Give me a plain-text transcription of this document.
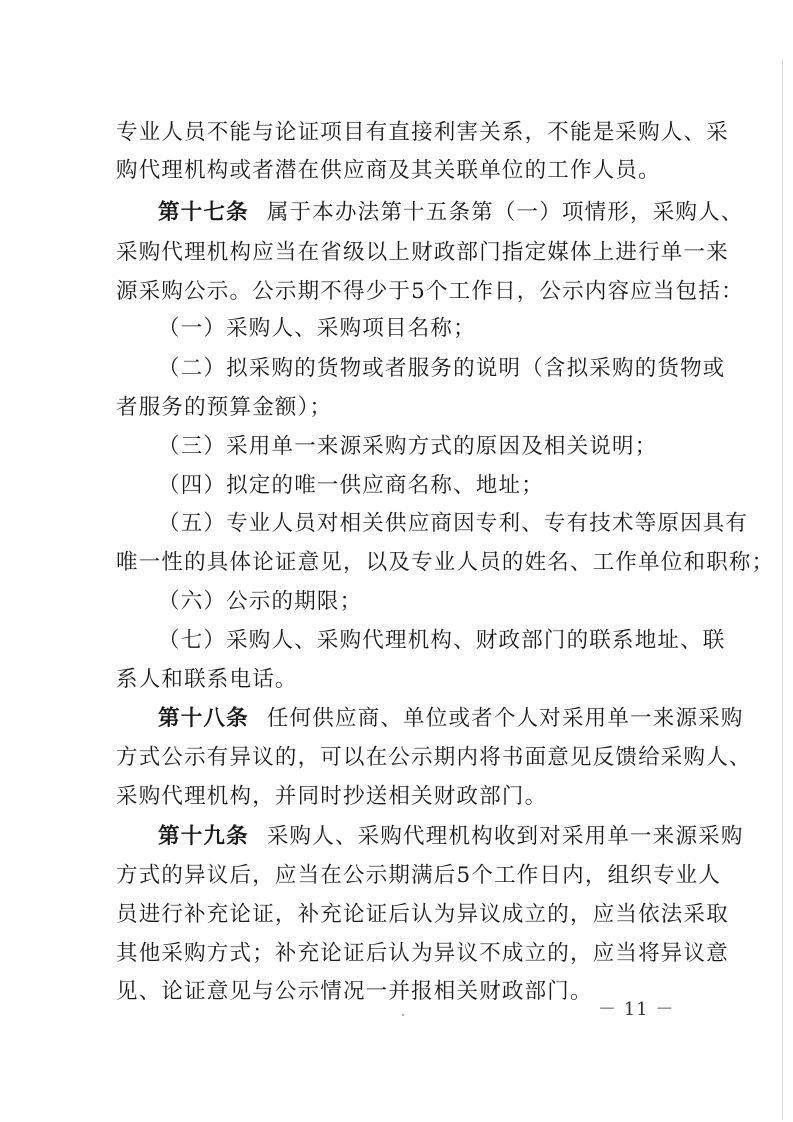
专业人员不能与论证项目有直接利害关系，不能是采购人、采
购代理机构或者潜在供应商及其关联单位的工作人员。
第十七条 属于本办法第十五条第（一）项情形，采购人、
采购代理机构应当在省级以上财政部门指定媒体上进行单一来
源采购公示。公示期不得少于5个工作日，公示内容应当包括：
（一）采购人、采购项目名称；
（二）拟采购的货物或者服务的说明（含拟采购的货物或
者服务的预算金额）；
（三）采用单一来源采购方式的原因及相关说明；
（四）拟定的唯一供应商名称、地址；
（五）专业人员对相关供应商因专利、专有技术等原因具有
唯一性的具体论证意见，以及专业人员的姓名、工作单位和职称；
（六）公示的期限；
（七）采购人、采购代理机构、财政部门的联系地址、联
系人和联系电话。
第十八条 任何供应商、单位或者个人对采用单一来源采购
方式公示有异议的，可以在公示期内将书面意见反馈给采购人、
采购代理机构，并同时抄送相关财政部门。
第十九条 采购人、采购代理机构收到对采用单一来源采购
方式的异议后，应当在公示期满后5个工作日内，组织专业人
员进行补充论证，补充论证后认为异议成立的，应当依法采取
其他采购方式；补充论证后认为异议不成立的，应当将异议意
见、论证意见与公示情况一并报相关财政部门。
－ 11 －
